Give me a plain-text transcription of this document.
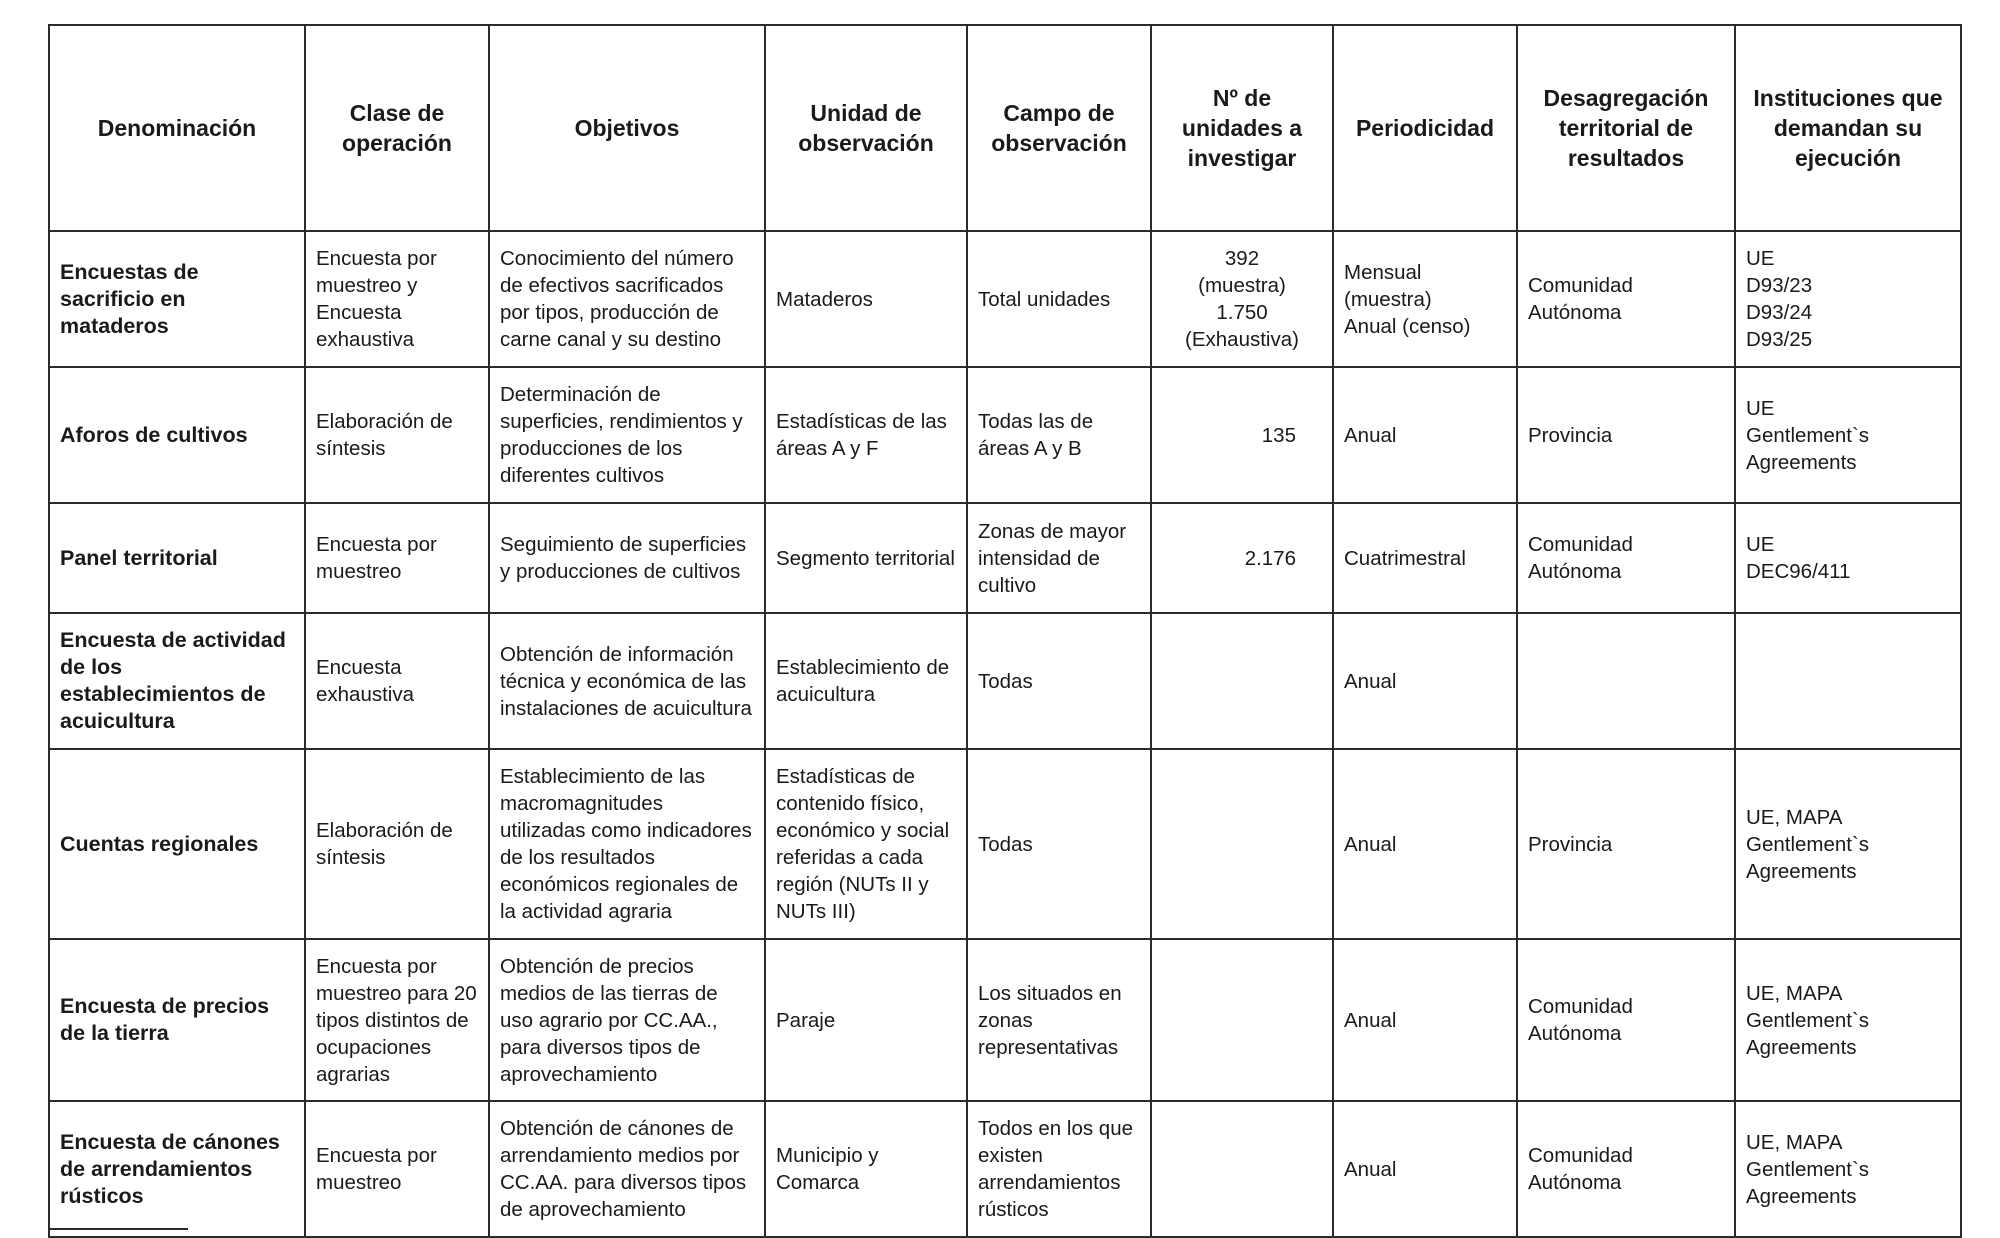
Denominación	Clase de operación	Objetivos	Unidad de observación	Campo de observación	Nº de unidades a investigar	Periodicidad	Desagregación territorial de resultados	Instituciones que demandan su ejecución
Encuestas de sacrificio en mataderos	Encuesta por muestreo y Encuesta exhaustiva	Conocimiento del número de efectivos sacrificados por tipos, producción de carne canal y su destino	Mataderos	Total unidades	392
(muestra)
1.750
(Exhaustiva)	Mensual
(muestra)
Anual (censo)	Comunidad
Autónoma	UE
D93/23
D93/24
D93/25
Aforos de cultivos	Elaboración de síntesis	Determinación de superficies, rendimientos y producciones de los diferentes cultivos	Estadísticas de las áreas A y F	Todas las de áreas A y B	135	Anual	Provincia	UE
Gentlement`s
Agreements
Panel territorial	Encuesta por muestreo	Seguimiento de superficies y producciones de cultivos	Segmento territorial	Zonas de mayor intensidad de cultivo	2.176	Cuatrimestral	Comunidad
Autónoma	UE
DEC96/411
Encuesta de actividad de los establecimientos de acuicultura	Encuesta exhaustiva	Obtención de información técnica y económica de las instalaciones de acuicultura	Establecimiento de acuicultura	Todas		Anual		
Cuentas regionales	Elaboración de síntesis	Establecimiento de las macromagnitudes utilizadas como indicadores de los resultados económicos regionales de la actividad agraria	Estadísticas de contenido físico, económico y social referidas a cada región (NUTs II y NUTs III)	Todas		Anual	Provincia	UE, MAPA
Gentlement`s
Agreements
Encuesta de precios de la tierra	Encuesta por muestreo para 20 tipos distintos de ocupaciones agrarias	Obtención de precios medios de las tierras de uso agrario por CC.AA., para diversos tipos de aprovechamiento	Paraje	Los situados en zonas representativas		Anual	Comunidad
Autónoma	UE, MAPA
Gentlement`s
Agreements
Encuesta de cánones de arrendamientos rústicos	Encuesta por muestreo	Obtención de cánones de arrendamiento medios por CC.AA. para diversos tipos de aprovechamiento	Municipio y Comarca	Todos en los que existen arrendamientos rústicos		Anual	Comunidad
Autónoma	UE, MAPA
Gentlement`s
Agreements
